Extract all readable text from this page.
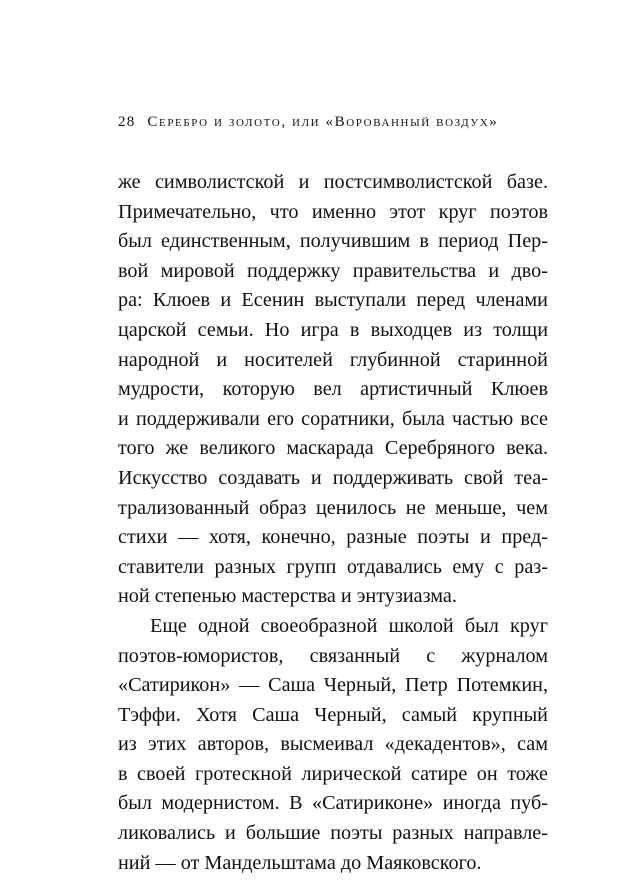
28 Серебро и золото, или «Ворованный воздух»
же символистской и постсимволистской базе.
Примечательно, что именно этот круг поэтов
был единственным, получившим в период Пер-
вой мировой поддержку правительства и дво-
ра: Клюев и Есенин выступали перед членами
царской семьи. Но игра в выходцев из толщи
народной и носителей глубинной старинной
мудрости, которую вел артистичный Клюев
и поддерживали его соратники, была частью все
того же великого маскарада Серебряного века.
Искусство создавать и поддерживать свой теа-
трализованный образ ценилось не меньше, чем
стихи — хотя, конечно, разные поэты и пред-
ставители разных групп отдавались ему с раз-
ной степенью мастерства и энтузиазма.
Еще одной своеобразной школой был круг
поэтов-юмористов, связанный с журналом
«Сатирикон» — Саша Черный, Петр Потемкин,
Тэффи. Хотя Саша Черный, самый крупный
из этих авторов, высмеивал «декадентов», сам
в своей гротескной лирической сатире он тоже
был модернистом. В «Сатириконе» иногда пуб-
ликовались и большие поэты разных направле-
ний — от Мандельштама до Маяковского.
